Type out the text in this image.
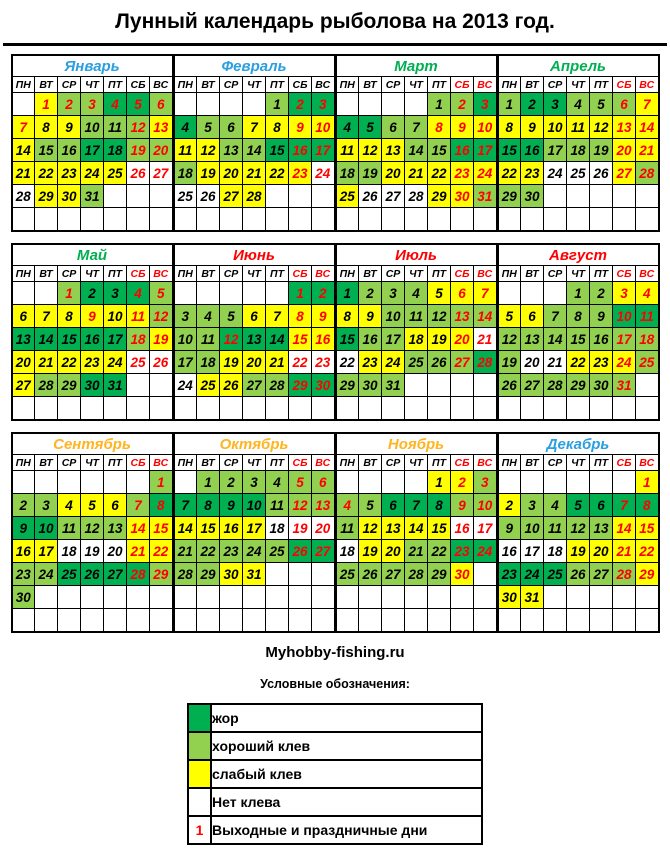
Лунный календарь рыболова на 2013 год.
Январь						
ПН	ВТ	СР	ЧТ	ПТ	СБ	ВС
	1	2	3	4	5	6
7	8	9	10	11	12	13
14	15	16	17	18	19	20
21	22	23	24	25	26	27
28	29	30	31			

Февраль						
ПН	ВТ	СР	ЧТ	ПТ	СБ	ВС
				1	2	3
4	5	6	7	8	9	10
11	12	13	14	15	16	17
18	19	20	21	22	23	24
25	26	27	28			

Март						
ПН	ВТ	СР	ЧТ	ПТ	СБ	ВС
				1	2	3
4	5	6	7	8	9	10
11	12	13	14	15	16	17
18	19	20	21	22	23	24
25	26	27	28	29	30	31

Апрель						
ПН	ВТ	СР	ЧТ	ПТ	СБ	ВС
1	2	3	4	5	6	7
8	9	10	11	12	13	14
15	16	17	18	19	20	21
22	23	24	25	26	27	28
29	30					

Май						
ПН	ВТ	СР	ЧТ	ПТ	СБ	ВС
		1	2	3	4	5
6	7	8	9	10	11	12
13	14	15	16	17	18	19
20	21	22	23	24	25	26
27	28	29	30	31		

Июнь						
ПН	ВТ	СР	ЧТ	ПТ	СБ	ВС
					1	2
3	4	5	6	7	8	9
10	11	12	13	14	15	16
17	18	19	20	21	22	23
24	25	26	27	28	29	30

Июль						
ПН	ВТ	СР	ЧТ	ПТ	СБ	ВС
1	2	3	4	5	6	7
8	9	10	11	12	13	14
15	16	17	18	19	20	21
22	23	24	25	26	27	28
29	30	31				

Август						
ПН	ВТ	СР	ЧТ	ПТ	СБ	ВС
			1	2	3	4
5	6	7	8	9	10	11
12	13	14	15	16	17	18
19	20	21	22	23	24	25
26	27	28	29	30	31	

Сентябрь						
ПН	ВТ	СР	ЧТ	ПТ	СБ	ВС
						1
2	3	4	5	6	7	8
9	10	11	12	13	14	15
16	17	18	19	20	21	22
23	24	25	26	27	28	29
30						

Октябрь						
ПН	ВТ	СР	ЧТ	ПТ	СБ	ВС
	1	2	3	4	5	6
7	8	9	10	11	12	13
14	15	16	17	18	19	20
21	22	23	24	25	26	27
28	29	30	31			

Ноябрь						
ПН	ВТ	СР	ЧТ	ПТ	СБ	ВС
				1	2	3
4	5	6	7	8	9	10
11	12	13	14	15	16	17
18	19	20	21	22	23	24
25	26	27	28	29	30	

Декабрь						
ПН	ВТ	СР	ЧТ	ПТ	СБ	ВС
						1
2	3	4	5	6	7	8
9	10	11	12	13	14	15
16	17	18	19	20	21	22
23	24	25	26	27	28	29
30	31					

Myhobby-fishing.ru
Условные обозначения:
	жор
	хороший клев
	слабый клев
	Нет клева
1	Выходные и праздничные дни
